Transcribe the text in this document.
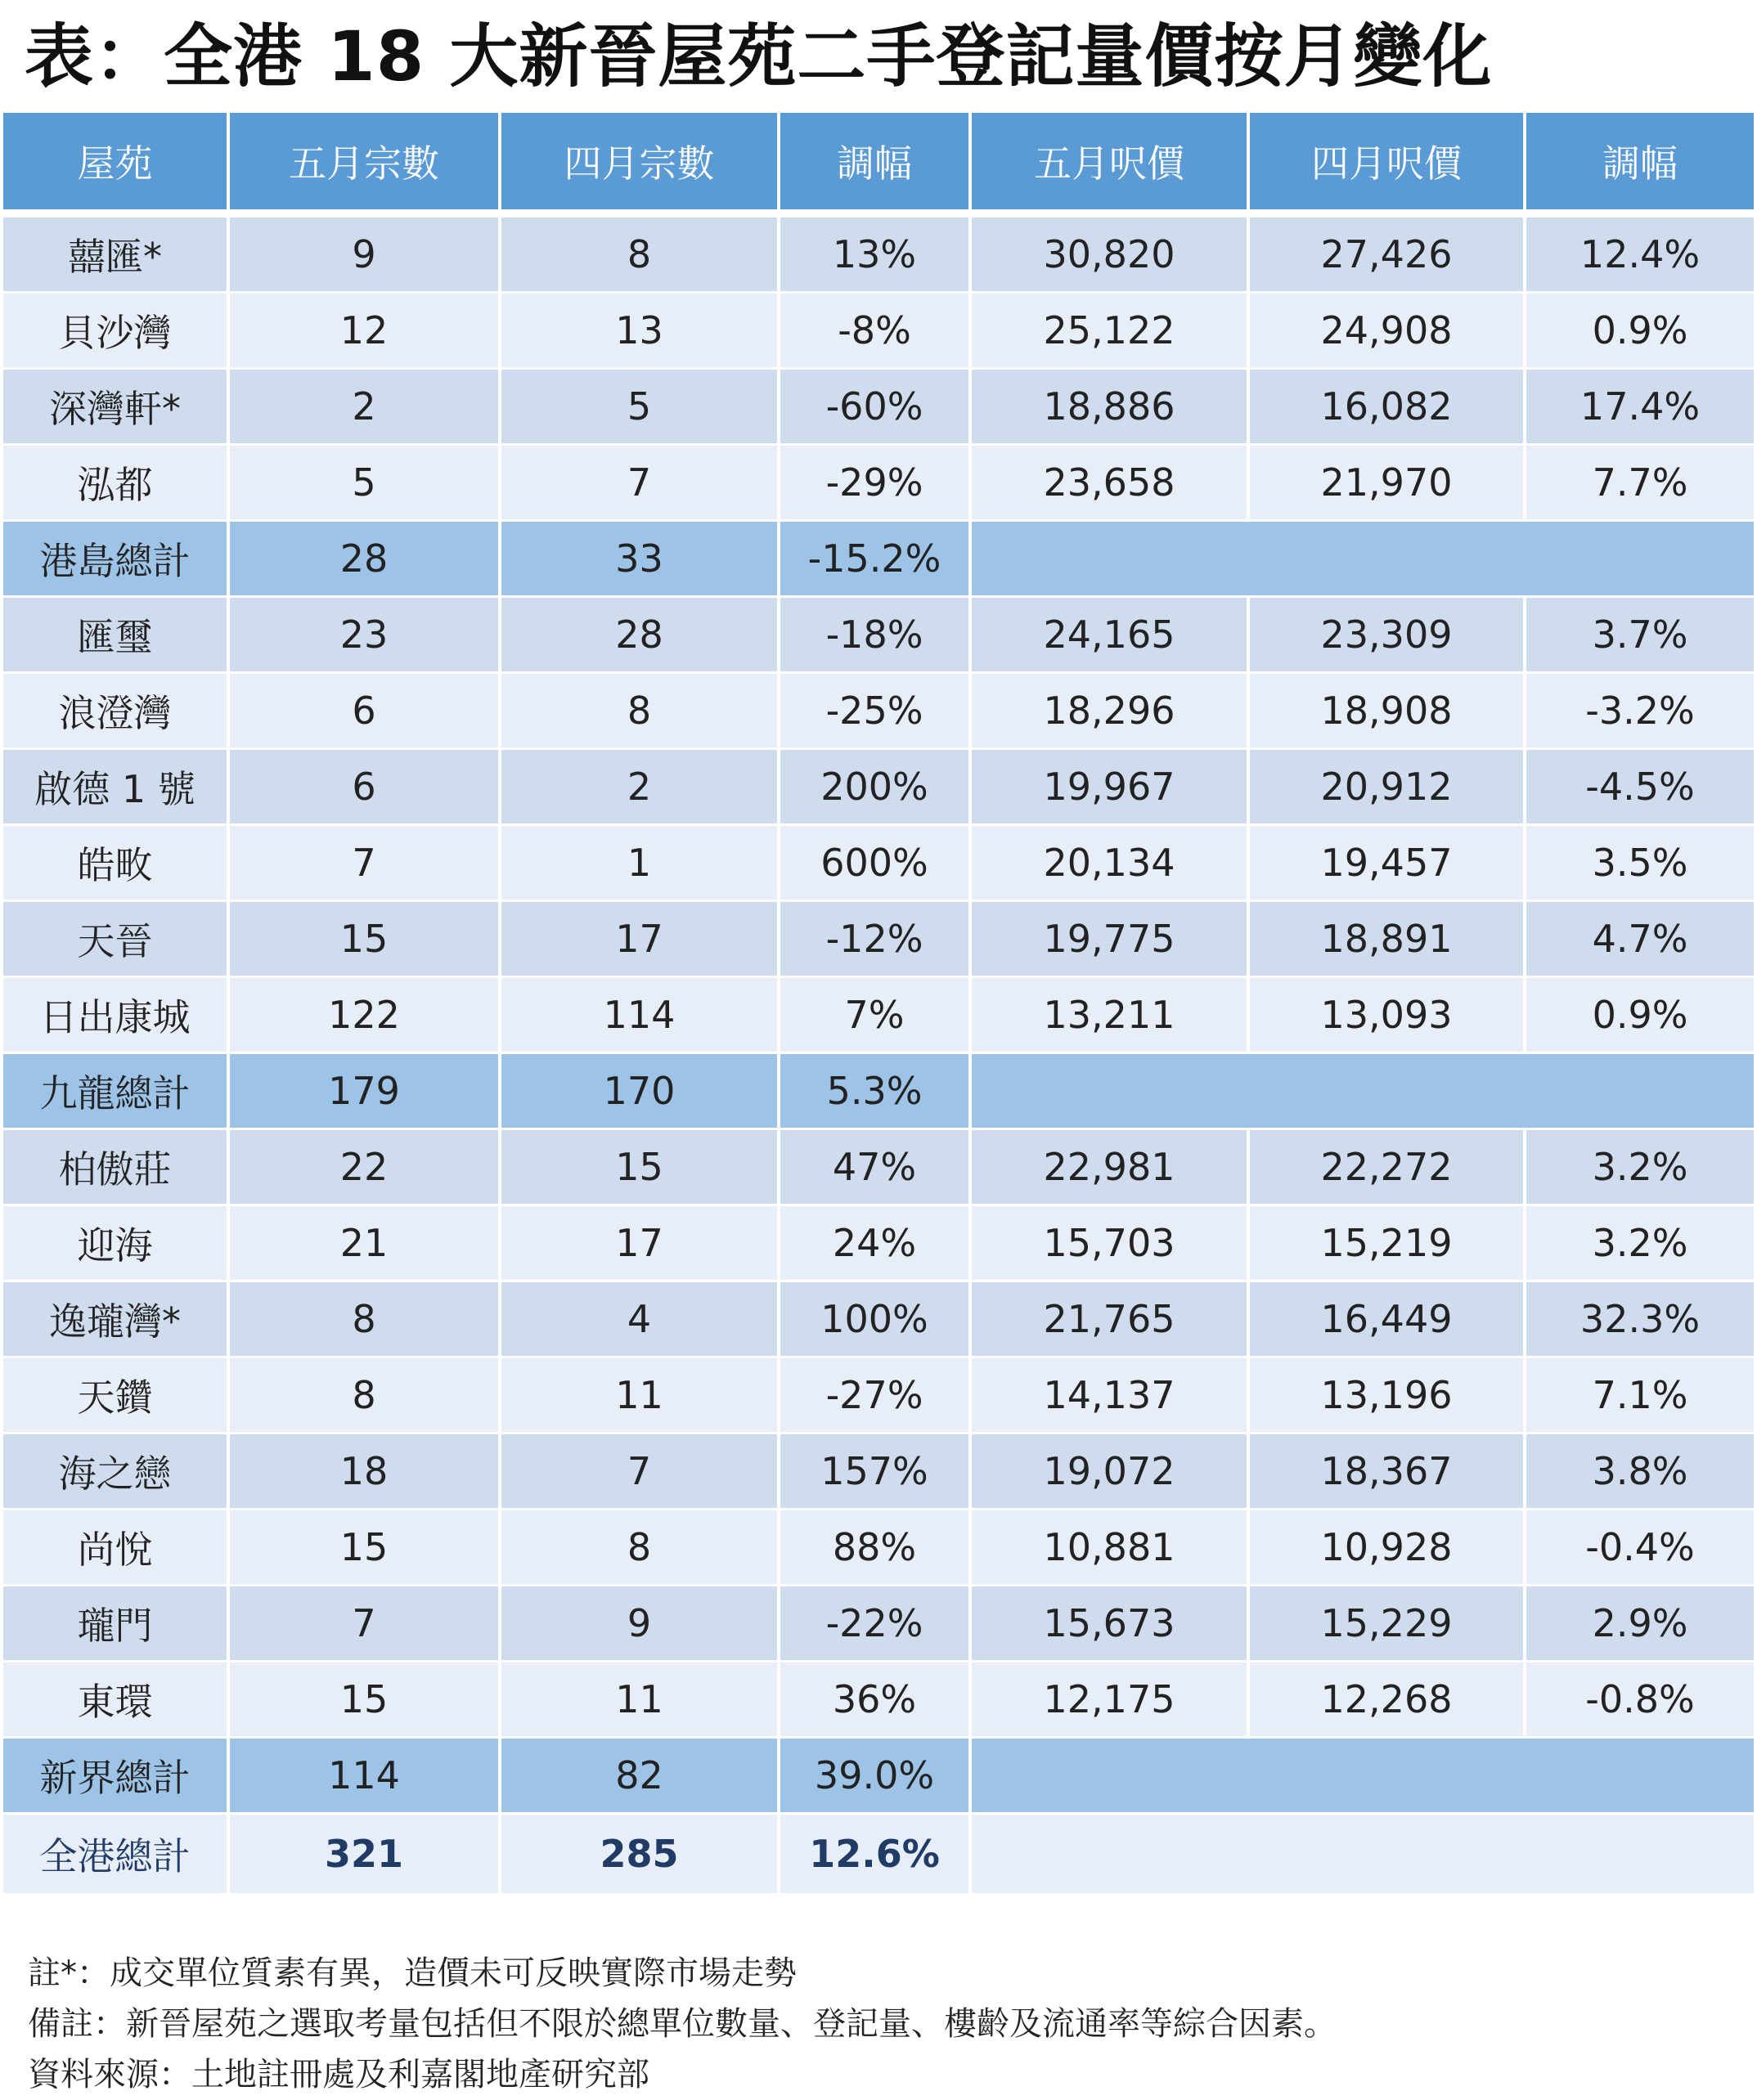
表：全港 18 大新晉屋苑二手登記量價按月變化
屋苑	五月宗數	四月宗數	調幅	五月呎價	四月呎價	調幅
囍匯*	9	8	13%	30,820	27,426	12.4%
貝沙灣	12	13	-8%	25,122	24,908	0.9%
深灣軒*	2	5	-60%	18,886	16,082	17.4%
泓都	5	7	-29%	23,658	21,970	7.7%
港島總計	28	33	-15.2%			
匯璽	23	28	-18%	24,165	23,309	3.7%
浪澄灣	6	8	-25%	18,296	18,908	-3.2%
啟德 1 號	6	2	200%	19,967	20,912	-4.5%
皓畋	7	1	600%	20,134	19,457	3.5%
天晉	15	17	-12%	19,775	18,891	4.7%
日出康城	122	114	7%	13,211	13,093	0.9%
九龍總計	179	170	5.3%			
柏傲莊	22	15	47%	22,981	22,272	3.2%
迎海	21	17	24%	15,703	15,219	3.2%
逸瓏灣*	8	4	100%	21,765	16,449	32.3%
天鑽	8	11	-27%	14,137	13,196	7.1%
海之戀	18	7	157%	19,072	18,367	3.8%
尚悅	15	8	88%	10,881	10,928	-0.4%
瓏門	7	9	-22%	15,673	15,229	2.9%
東環	15	11	36%	12,175	12,268	-0.8%
新界總計	114	82	39.0%			
全港總計	321	285	12.6%			
註*：成交單位質素有異，造價未可反映實際市場走勢
備註：新晉屋苑之選取考量包括但不限於總單位數量、登記量、樓齡及流通率等綜合因素。
資料來源：土地註冊處及利嘉閣地產研究部
